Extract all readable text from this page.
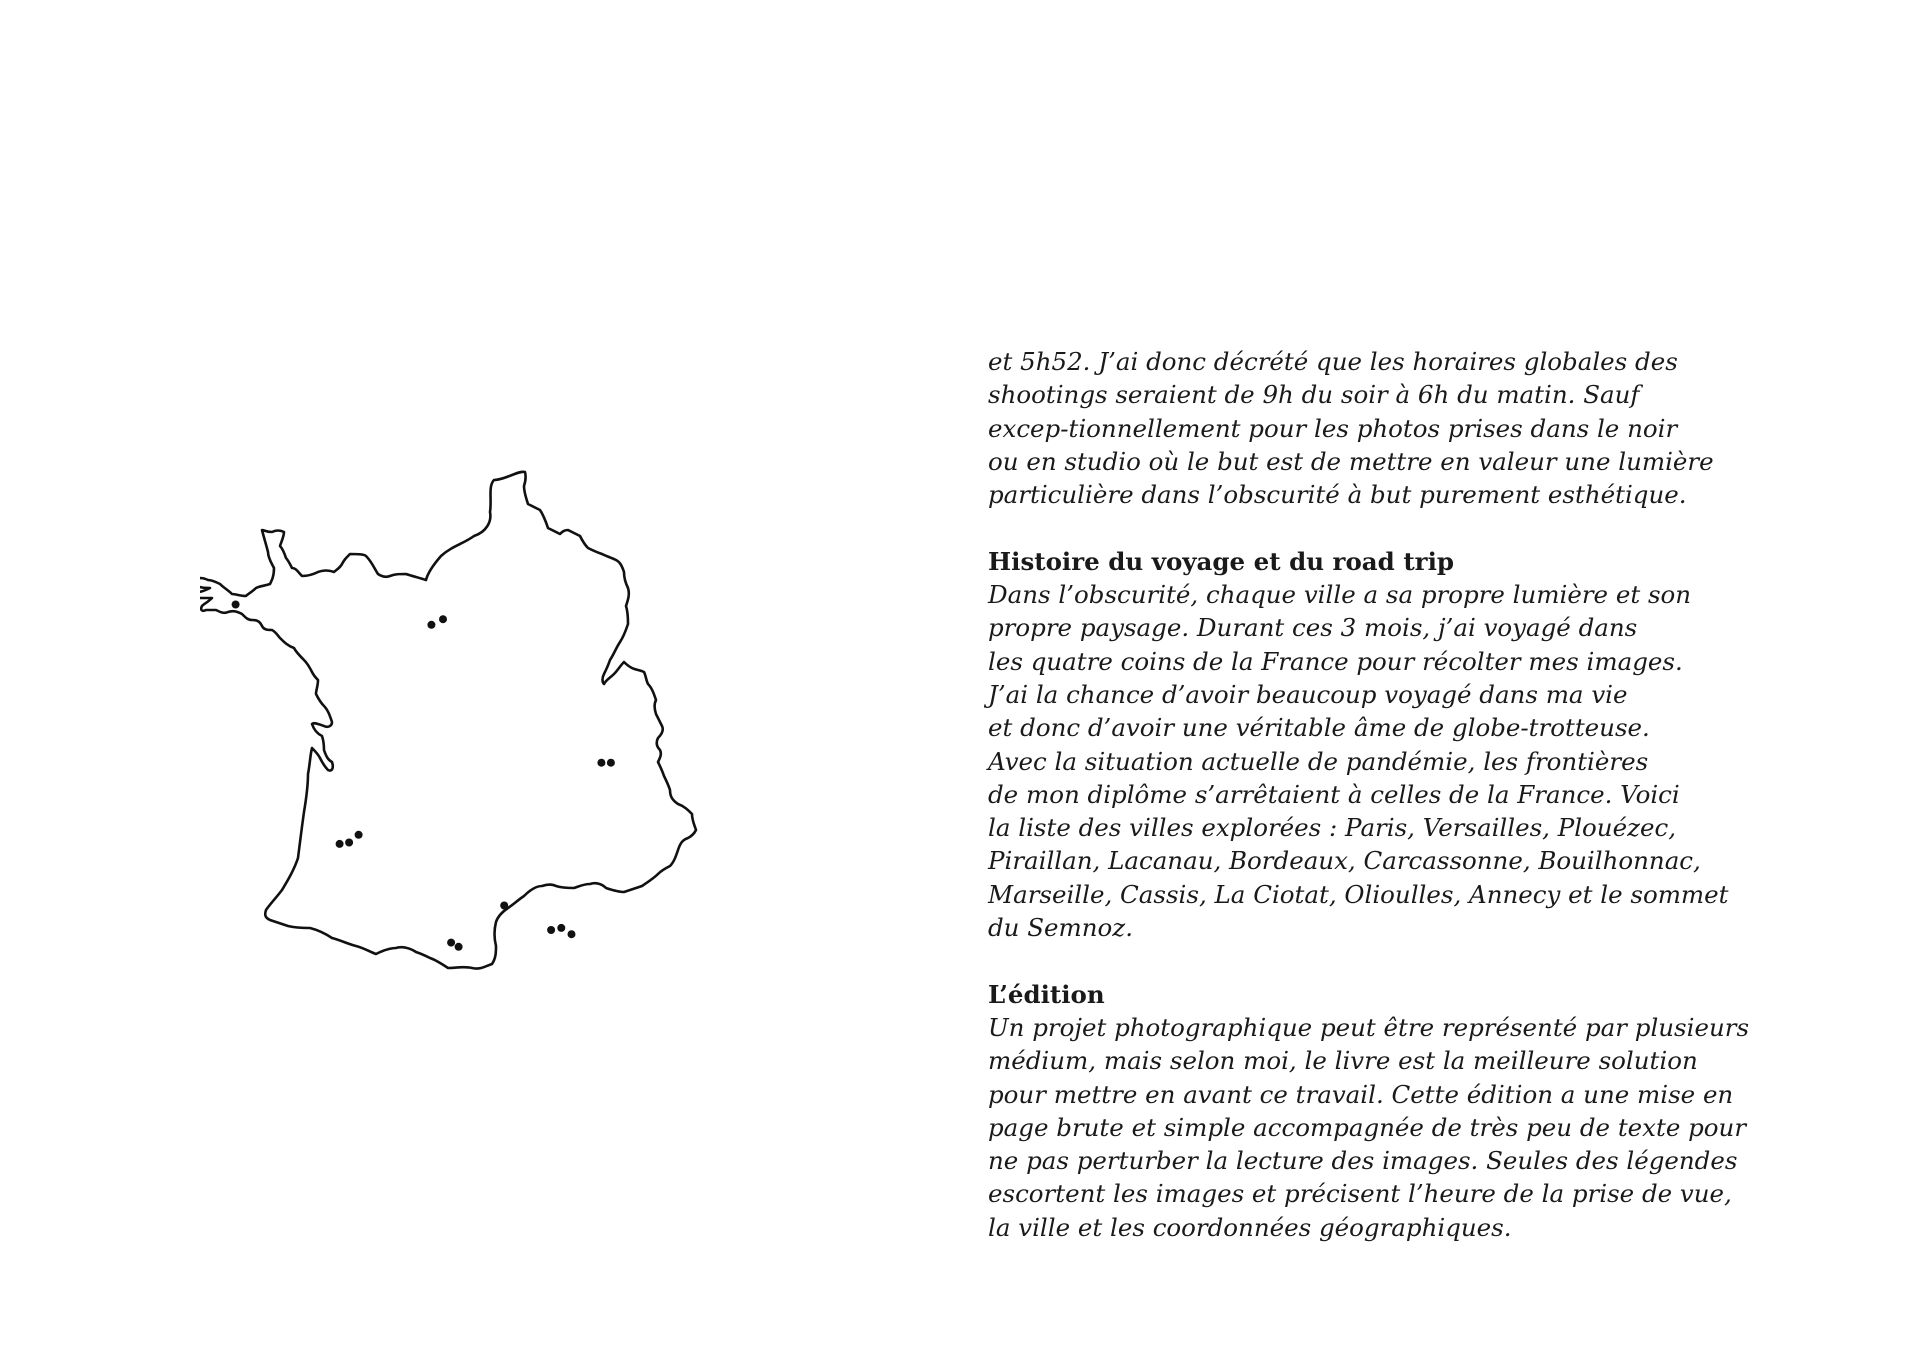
et 5h52. J’ai donc décrété que les horaires globales des
shootings seraient de 9h du soir à 6h du matin. Sauf
excep-tionnellement pour les photos prises dans le noir
ou en studio où le but est de mettre en valeur une lumière
particulière dans l’obscurité à but purement esthétique.

Histoire du voyage et du road trip

Dans l’obscurité, chaque ville a sa propre lumière et son
propre paysage. Durant ces 3 mois, j’ai voyagé dans
les quatre coins de la France pour récolter mes images.
J’ai la chance d’avoir beaucoup voyagé dans ma vie
et donc d’avoir une véritable âme de globe-trotteuse.
Avec la situation actuelle de pandémie, les frontières
de mon diplôme s’arrêtaient à celles de la France. Voici
la liste des villes explorées : Paris, Versailles, Plouézec,
Piraillan, Lacanau, Bordeaux, Carcassonne, Bouilhonnac,
Marseille, Cassis, La Ciotat, Olioulles, Annecy et le sommet
du Semnoz.

L’édition

Un projet photographique peut être représenté par plusieurs
médium, mais selon moi, le livre est la meilleure solution
pour mettre en avant ce travail. Cette édition a une mise en
page brute et simple accompagnée de très peu de texte pour
ne pas perturber la lecture des images. Seules des légendes
escortent les images et précisent l’heure de la prise de vue,
la ville et les coordonnées géographiques.
